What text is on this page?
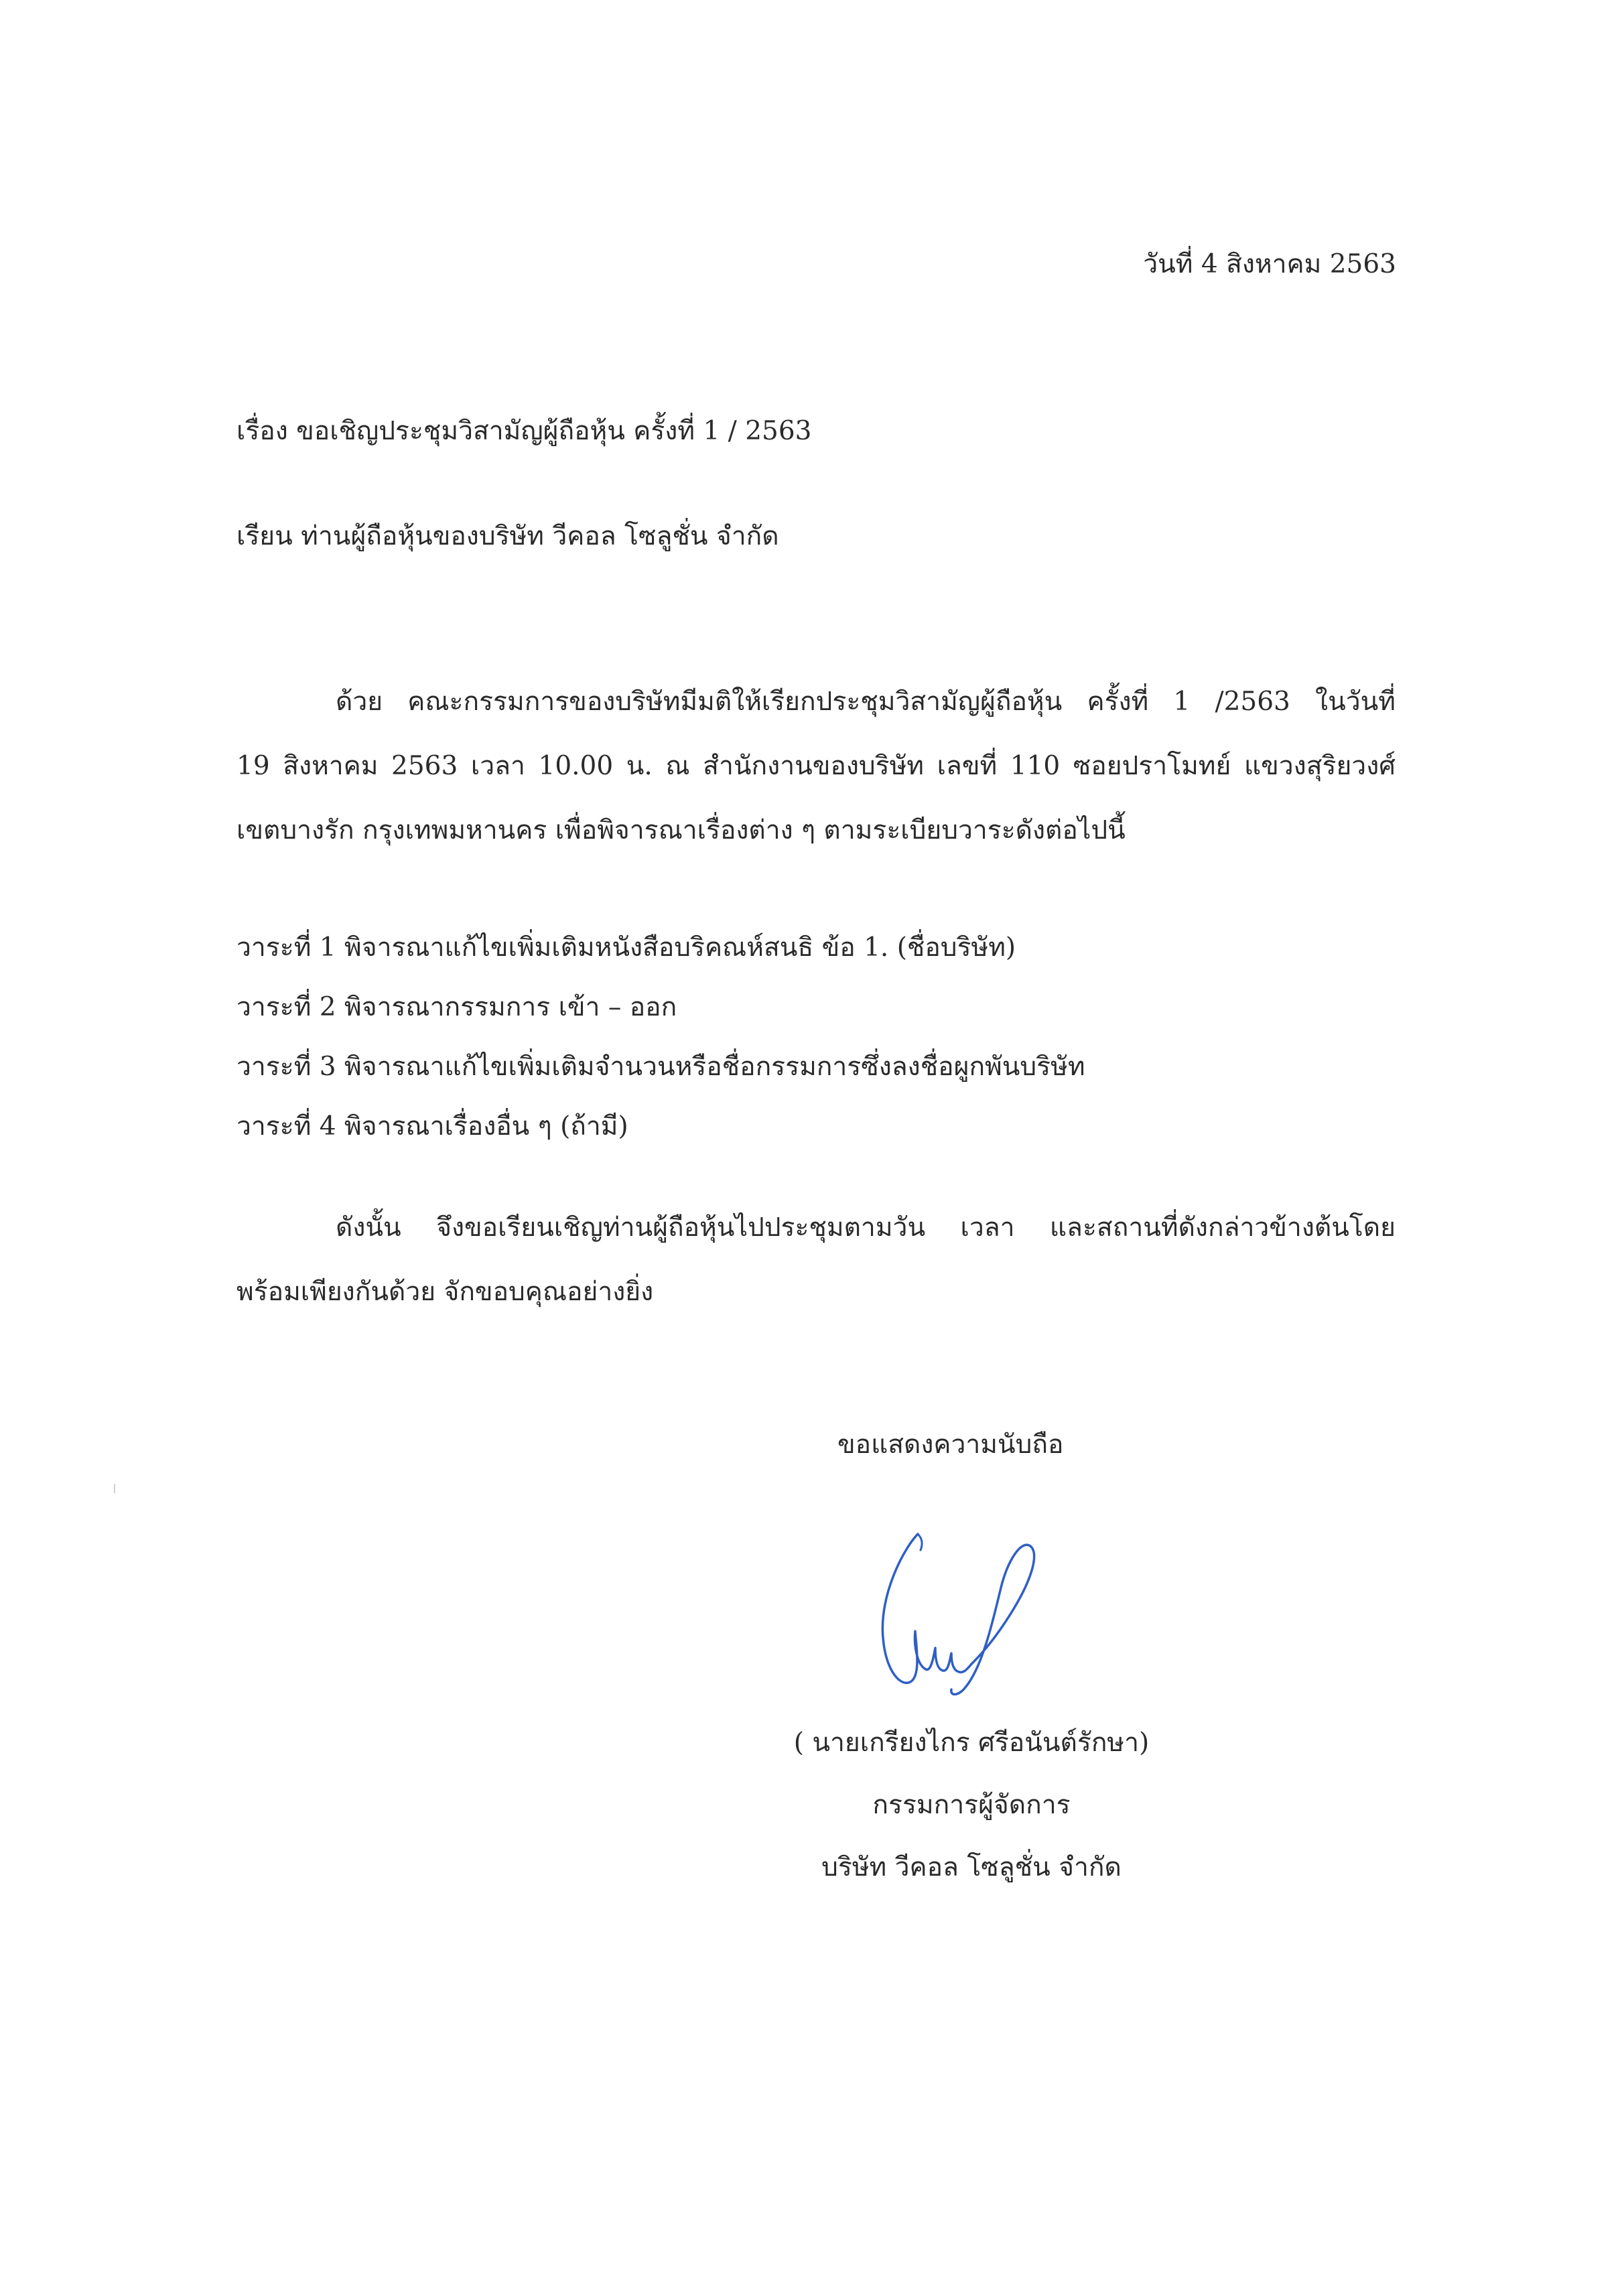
วันที่ 4 สิงหาคม 2563
เรื่อง ขอเชิญประชุมวิสามัญผู้ถือหุ้น ครั้งที่ 1 / 2563
เรียน ท่านผู้ถือหุ้นของบริษัท วีคอล โซลูชั่น จำกัด
ด้วย คณะกรรมการของบริษัทมีมติให้เรียกประชุมวิสามัญผู้ถือหุ้น ครั้งที่ 1 /2563 ในวันที่
19 สิงหาคม 2563 เวลา 10.00 น. ณ สำนักงานของบริษัท เลขที่ 110 ซอยปราโมทย์ แขวงสุริยวงศ์
เขตบางรัก กรุงเทพมหานคร เพื่อพิจารณาเรื่องต่าง ๆ ตามระเบียบวาระดังต่อไปนี้
วาระที่ 1 พิจารณาแก้ไขเพิ่มเติมหนังสือบริคณห์สนธิ ข้อ 1. (ชื่อบริษัท)
วาระที่ 2 พิจารณากรรมการ เข้า – ออก
วาระที่ 3 พิจารณาแก้ไขเพิ่มเติมจำนวนหรือชื่อกรรมการซึ่งลงชื่อผูกพันบริษัท
วาระที่ 4 พิจารณาเรื่องอื่น ๆ (ถ้ามี)
ดังนั้น จึงขอเรียนเชิญท่านผู้ถือหุ้นไปประชุมตามวัน เวลา และสถานที่ดังกล่าวข้างต้นโดย
พร้อมเพียงกันด้วย จักขอบคุณอย่างยิ่ง
ขอแสดงความนับถือ
( นายเกรียงไกร ศรีอนันต์รักษา)
กรรมการผู้จัดการ
บริษัท วีคอล โซลูชั่น จำกัด
